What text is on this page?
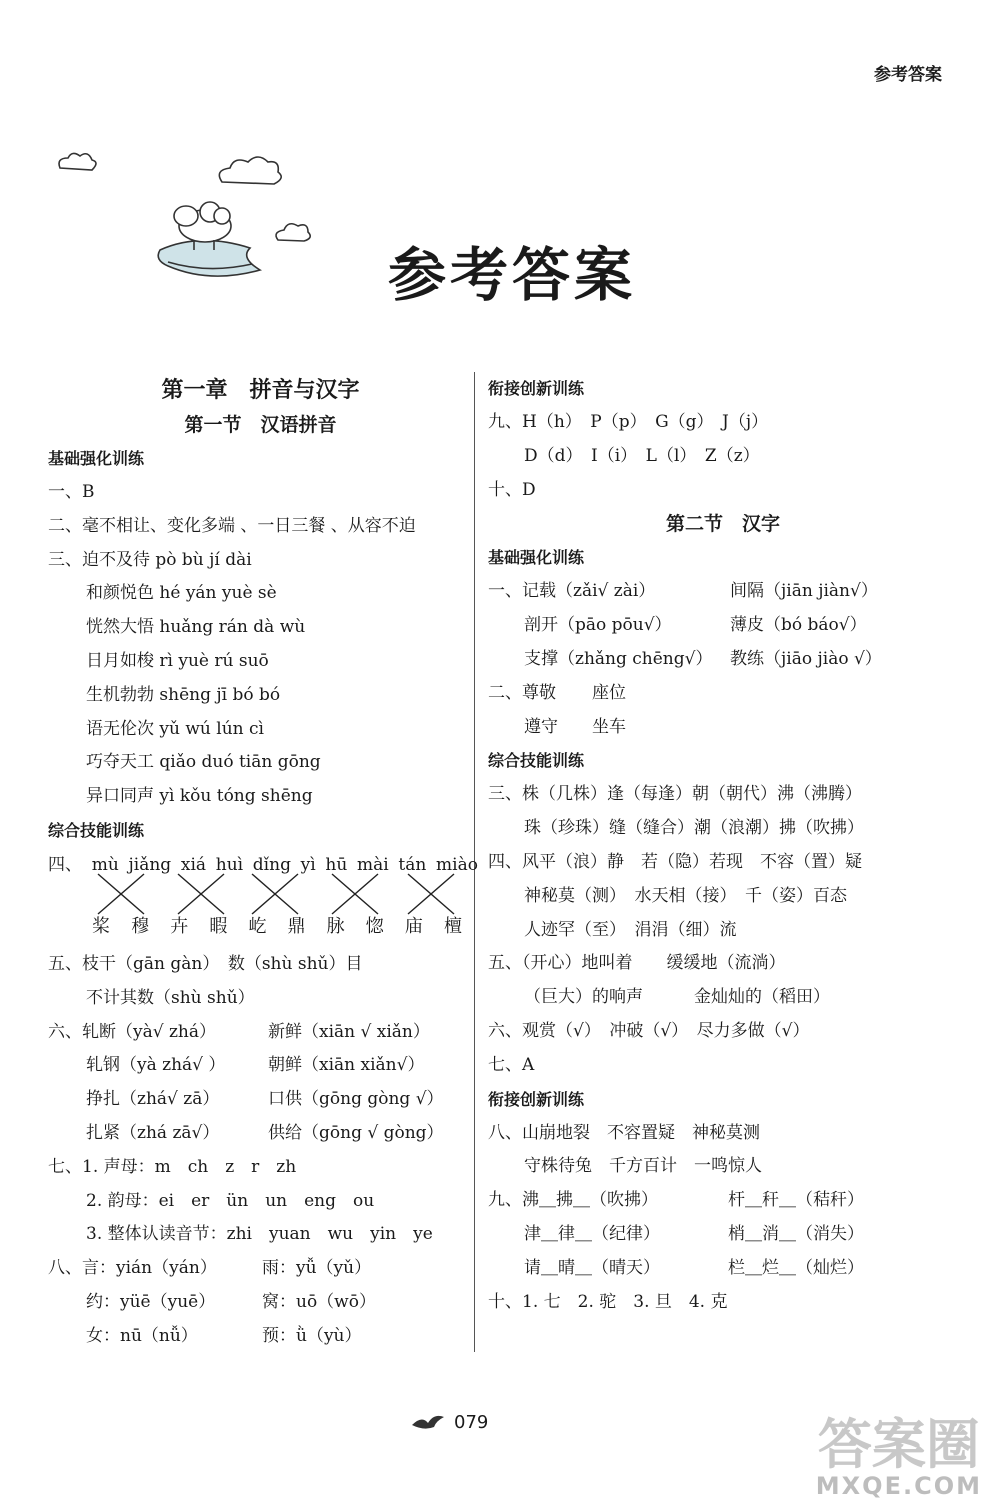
参考答案
参考答案
第一章　拼音与汉字
第一节　汉语拼音
基础强化训练
一、B
二、毫不相让、变化多端 、一日三餐 、从容不迫
三、迫不及待 pò bù jí dài
和颜悦色 hé yán yuè sè
恍然大悟 huǎng rán dà wù
日月如梭 rì yuè rú suō
生机勃勃 shēng jī bó bó
语无伦次 yǔ wú lún cì
巧夺天工 qiǎo duó tiān gōng
异口同声 yì kǒu tóng shēng
综合技能训练
四、 mù jiǎng xiá huì dǐng yì hū mài tán miào
桨 穆 卉 暇 屹 鼎 脉 惚 庙 檀
五、枝干（gān gàn）　数（shù shǔ）目
不计其数（shù shǔ）
六、轧断（yà√ zhá）	新鲜（xiān √ xiǎn）
轧钢（yà zhá√ ）	朝鲜（xiān xiǎn√）
挣扎（zhá√ zā）	口供（gōng gòng √）
扎紧（zhá zā√）	供给（gōng √ gòng）
七、1. 声母：m　ch　z　r　zh
2. 韵母：ei　er　ün　un　eng　ou
3. 整体认读音节：zhi　yuan　wu　yin　ye
八、言：yián（yán）	雨：yǚ（yǔ）
约：yüē（yuē）	窝：uō（wō）
女：nū（nǚ）	预：ǜ（yù）
衔接创新训练
九、H（h）　P（p）　G（g）　J（j）
D（d）　I（i）　L（l）　Z（z）
十、D
第二节　汉字
基础强化训练
一、记载（zǎi√ zài）	间隔（jiān jiàn√）
剖开（pāo pōu√）	薄皮（bó báo√）
支撑（zhǎng chēng√）	教练（jiāo jiào √）
二、尊敬	座位
遵守	坐车
综合技能训练
三、株（几株）逢（每逢）朝（朝代）沸（沸腾）
珠（珍珠）缝（缝合）潮（浪潮）拂（吹拂）
四、风平（浪）静　若（隐）若现　不容（置）疑
神秘莫（测）　水天相（接）　千（姿）百态
人迹罕（至）　涓涓（细）流
五、（开心）地叫着　　缓缓地（流淌）
（巨大）的响声　　　金灿灿的（稻田）
六、观赏（√）　冲破（√）　尽力多做（√）
七、A
衔接创新训练
八、山崩地裂　不容置疑　神秘莫测
守株待兔　千方百计　一鸣惊人
九、沸＿拂＿（吹拂）	杆＿秆＿（秸秆）
津＿律＿（纪律）	梢＿消＿（消失）
请＿晴＿（晴天）	栏＿烂＿（灿烂）
十、1. 七　2. 驼　3. 旦　4. 克
079	答案圈
MXQE.COM
